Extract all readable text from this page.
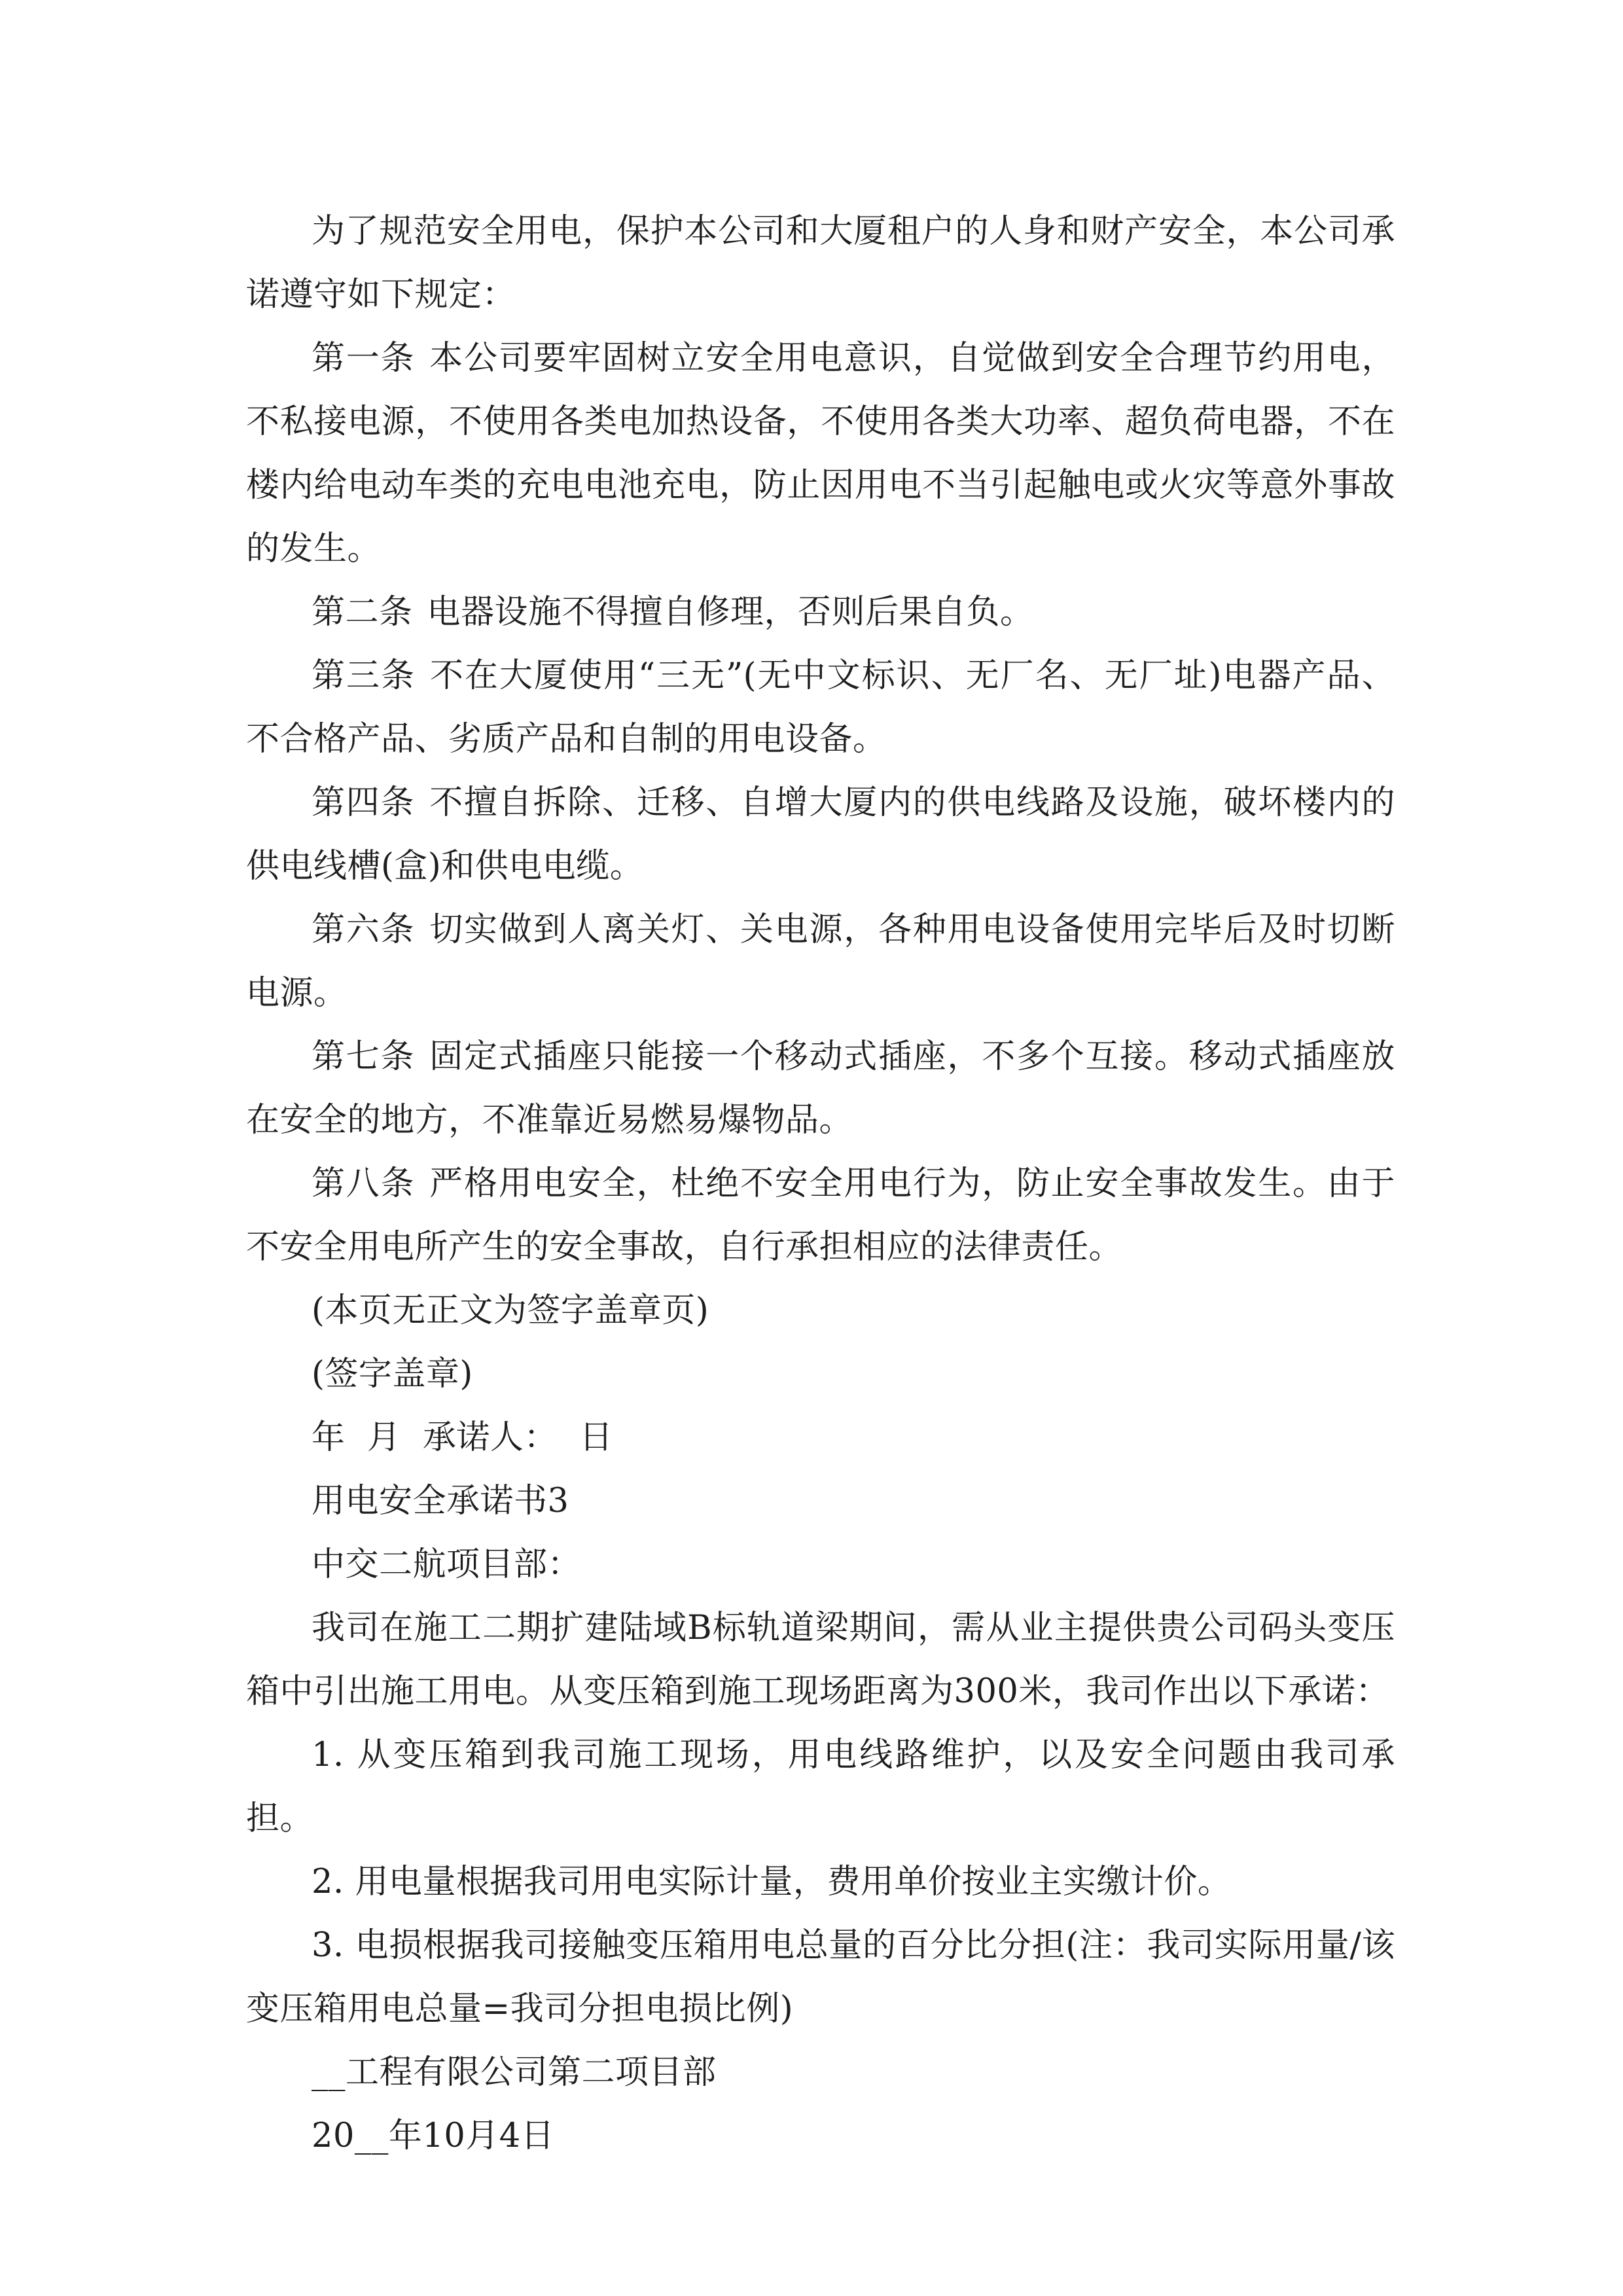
为了规范安全用电，保护本公司和大厦租户的人身和财产安全，本公司承诺遵守如下规定：

第一条 本公司要牢固树立安全用电意识，自觉做到安全合理节约用电，不私接电源，不使用各类电加热设备，不使用各类大功率、超负荷电器，不在楼内给电动车类的充电电池充电，防止因用电不当引起触电或火灾等意外事故的发生。

第二条 电器设施不得擅自修理，否则后果自负。

第三条 不在大厦使用“三无”(无中文标识、无厂名、无厂址)电器产品、不合格产品、劣质产品和自制的用电设备。

第四条 不擅自拆除、迁移、自增大厦内的供电线路及设施，破坏楼内的供电线槽(盒)和供电电缆。

第六条 切实做到人离关灯、关电源，各种用电设备使用完毕后及时切断电源。

第七条 固定式插座只能接一个移动式插座，不多个互接。移动式插座放在安全的地方，不准靠近易燃易爆物品。

第八条 严格用电安全，杜绝不安全用电行为，防止安全事故发生。由于不安全用电所产生的安全事故，自行承担相应的法律责任。

(本页无正文为签字盖章页)

(签字盖章)

年  月  承诺人：  日

用电安全承诺书3

中交二航项目部：

我司在施工二期扩建陆域B标轨道梁期间，需从业主提供贵公司码头变压箱中引出施工用电。从变压箱到施工现场距离为300米，我司作出以下承诺：

1. 从变压箱到我司施工现场，用电线路维护，以及安全问题由我司承担。

2. 用电量根据我司用电实际计量，费用单价按业主实缴计价。

3. 电损根据我司接触变压箱用电总量的百分比分担(注：我司实际用量/该变压箱用电总量=我司分担电损比例)

__工程有限公司第二项目部

20__年10月4日
